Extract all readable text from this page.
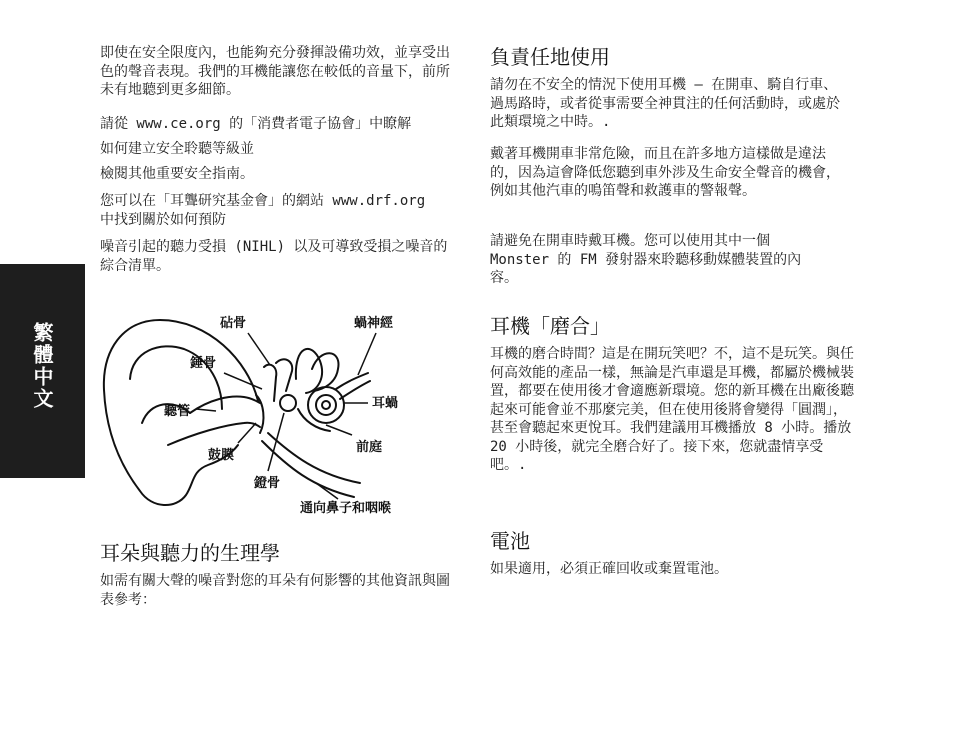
即使在安全限度內，也能夠充分發揮設備功效，並享受出色的聲音表現。我們的耳機能讓您在較低的音量下，前所未有地聽到更多細節。

請從 www.ce.org 的「消費者電子協會」中瞭解

如何建立安全聆聽等級並

檢閱其他重要安全指南。

您可以在「耳聾研究基金會」的網站 www.drf.org 中找到關於如何預防

噪音引起的聽力受損 (NIHL) 以及可導致受損之噪音的綜合清單。

繁體中文	砧骨	蝸神經
錘骨
耳蝸
聽管
鼓膜
前庭
鐙骨
通向鼻子和咽喉
耳朵與聽力的生理學

如需有關大聲的噪音對您的耳朵有何影響的其他資訊與圖表參考：

負責任地使用

請勿在不安全的情況下使用耳機 – 在開車、騎自行車、過馬路時，或者從事需要全神貫注的任何活動時，或處於此類環境之中時。.

戴著耳機開車非常危險，而且在許多地方這樣做是違法的，因為這會降低您聽到車外涉及生命安全聲音的機會，例如其他汽車的鳴笛聲和救護車的警報聲。

請避免在開車時戴耳機。您可以使用其中一個 Monster 的 FM 發射器來聆聽移動媒體裝置的內容。

耳機「磨合」

耳機的磨合時間？這是在開玩笑吧？不，這不是玩笑。與任何高效能的產品一樣，無論是汽車還是耳機，都屬於機械裝置，都要在使用後才會適應新環境。您的新耳機在出廠後聽起來可能會並不那麼完美，但在使用後將會變得「圓潤」，甚至會聽起來更悅耳。我們建議用耳機播放 8 小時。播放 20 小時後，就完全磨合好了。接下來，您就盡情享受吧。.

電池

如果適用，必須正確回收或棄置電池。
